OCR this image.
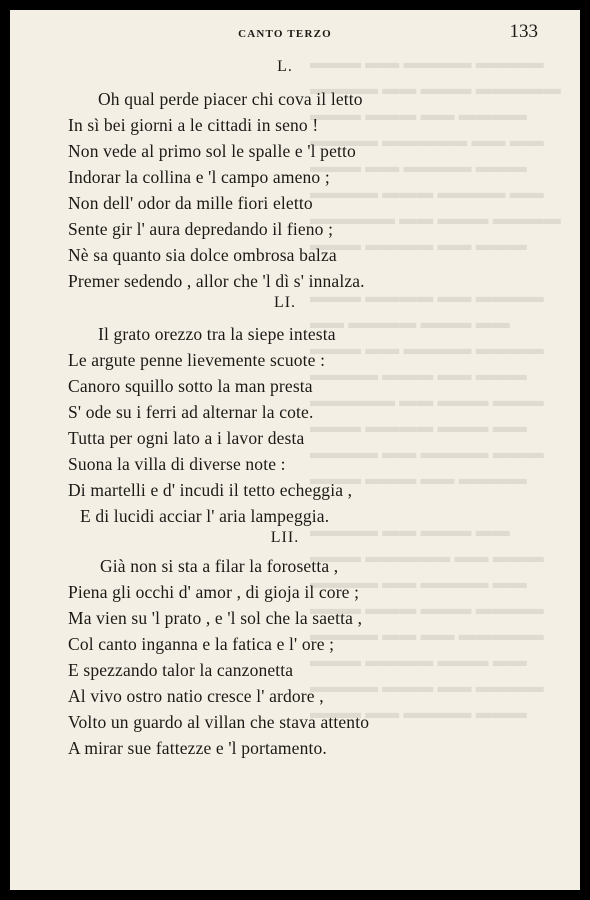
▬▬▬ ▬▬ ▬▬▬▬ ▬▬▬▬
▬▬▬▬ ▬▬ ▬▬▬ ▬▬▬▬▬
▬▬▬ ▬▬▬ ▬▬ ▬▬▬▬
▬▬▬▬ ▬▬▬▬▬ ▬▬ ▬▬
▬▬▬ ▬▬ ▬▬▬▬ ▬▬▬
▬▬▬▬ ▬▬▬ ▬▬▬▬ ▬▬
▬▬▬▬▬ ▬▬ ▬▬▬ ▬▬▬▬
▬▬▬ ▬▬▬▬ ▬▬ ▬▬▬

▬▬▬ ▬▬▬▬ ▬▬ ▬▬▬▬
▬▬ ▬▬▬▬ ▬▬▬ ▬▬
▬▬▬ ▬▬ ▬▬▬▬ ▬▬▬▬
▬▬▬▬ ▬▬▬ ▬▬ ▬▬▬
▬▬▬▬▬ ▬▬ ▬▬▬ ▬▬▬
▬▬▬ ▬▬▬▬ ▬▬▬ ▬▬
▬▬▬▬ ▬▬ ▬▬▬▬ ▬▬▬
▬▬▬ ▬▬▬ ▬▬ ▬▬▬▬

▬▬▬▬ ▬▬ ▬▬▬ ▬▬
▬▬▬ ▬▬▬▬▬ ▬▬ ▬▬▬
▬▬▬▬ ▬▬ ▬▬▬▬ ▬▬
▬▬▬ ▬▬▬ ▬▬▬ ▬▬▬▬
▬▬▬▬ ▬▬ ▬▬ ▬▬▬▬▬
▬▬▬ ▬▬▬▬ ▬▬▬ ▬▬
▬▬▬▬ ▬▬▬ ▬▬ ▬▬▬▬
▬▬▬ ▬▬ ▬▬▬▬ ▬▬▬
CANTO TERZO	133
L.
Oh qual perde piacer chi cova il letto
In sì bei giorni a le cittadi in seno !
Non vede al primo sol le spalle e 'l petto
Indorar la collina e 'l campo ameno ;
Non dell' odor da mille fiori eletto
Sente gir l' aura depredando il fieno ;
Nè sa quanto sia dolce ombrosa balza
Premer sedendo , allor che 'l dì s' innalza.
LI.
Il grato orezzo tra la siepe intesta
Le argute penne lievemente scuote :
Canoro squillo sotto la man presta
S' ode su i ferri ad alternar la cote.
Tutta per ogni lato a i lavor desta
Suona la villa di diverse note :
Di martelli e d' incudi il tetto echeggia ,
E di lucidi acciar l' aria lampeggia.
LII.
Già non si sta a filar la forosetta ,
Piena gli occhi d' amor , di gioja il core ;
Ma vien su 'l prato , e 'l sol che la saetta ,
Col canto inganna e la fatica e l' ore ;
E spezzando talor la canzonetta
Al vivo ostro natio cresce l' ardore ,
Volto un guardo al villan che stava attento
A mirar sue fattezze e 'l portamento.
